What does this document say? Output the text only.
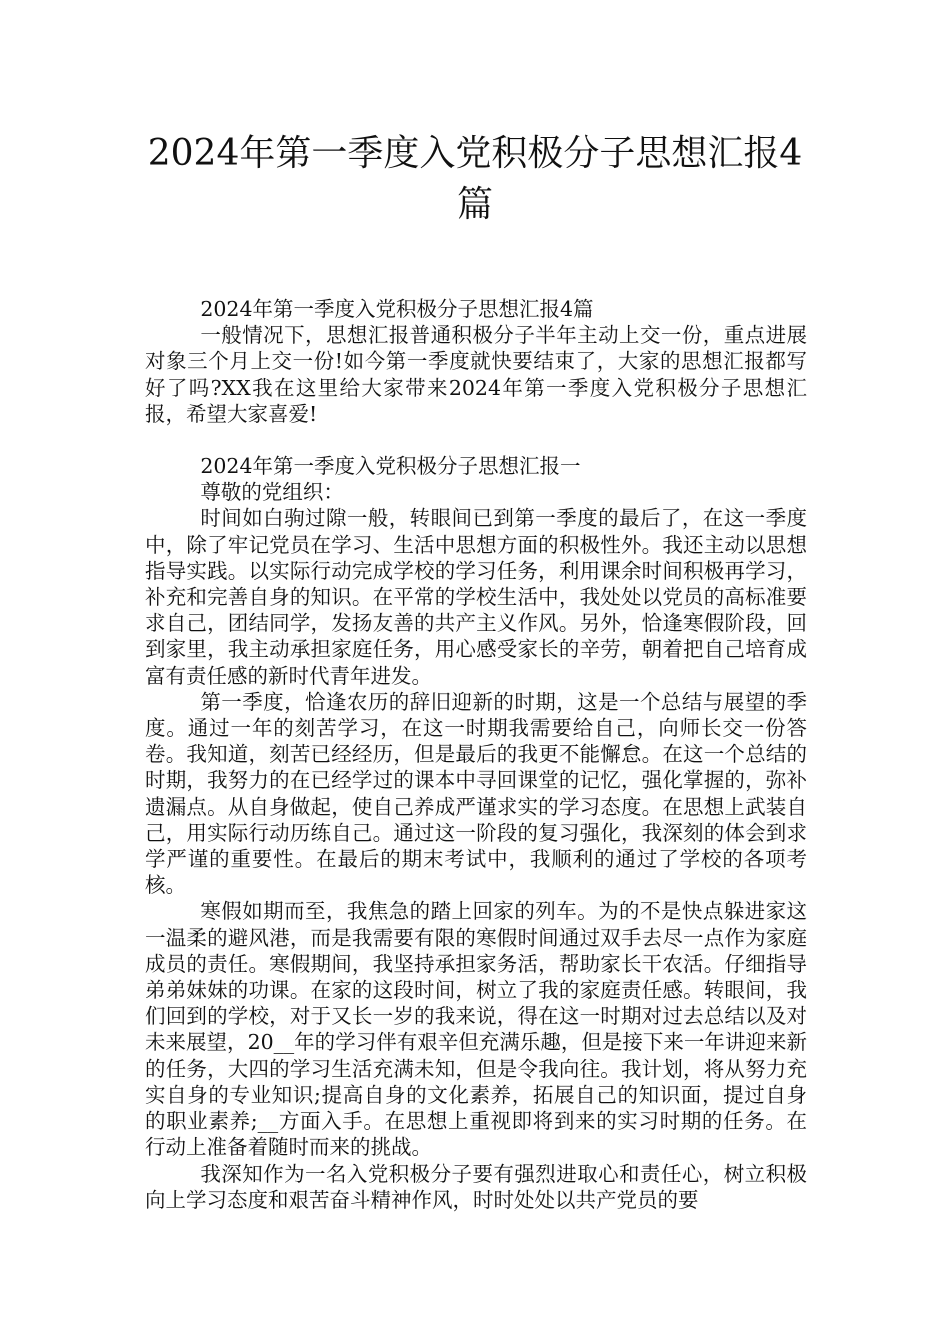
2024年第一季度入党积极分子思想汇报4篇

2024年第一季度入党积极分子思想汇报4篇

一般情况下，思想汇报普通积极分子半年主动上交一份，重点进展对象三个月上交一份!如今第一季度就快要结束了，大家的思想汇报都写好了吗?XX我在这里给大家带来2024年第一季度入党积极分子思想汇报，希望大家喜爱!

2024年第一季度入党积极分子思想汇报一

尊敬的党组织：

时间如白驹过隙一般，转眼间已到第一季度的最后了，在这一季度中，除了牢记党员在学习、生活中思想方面的积极性外。我还主动以思想指导实践。以实际行动完成学校的学习任务，利用课余时间积极再学习，补充和完善自身的知识。在平常的学校生活中，我处处以党员的高标准要求自己，团结同学，发扬友善的共产主义作风。另外，恰逢寒假阶段，回到家里，我主动承担家庭任务，用心感受家长的辛劳，朝着把自己培育成富有责任感的新时代青年进发。

第一季度，恰逢农历的辞旧迎新的时期，这是一个总结与展望的季度。通过一年的刻苦学习，在这一时期我需要给自己，向师长交一份答卷。我知道，刻苦已经经历，但是最后的我更不能懈怠。在这一个总结的时期，我努力的在已经学过的课本中寻回课堂的记忆，强化掌握的，弥补遗漏点。从自身做起，使自己养成严谨求实的学习态度。在思想上武装自己，用实际行动历练自己。通过这一阶段的复习强化，我深刻的体会到求学严谨的重要性。在最后的期末考试中，我顺利的通过了学校的各项考核。

寒假如期而至，我焦急的踏上回家的列车。为的不是快点躲进家这一温柔的避风港，而是我需要有限的寒假时间通过双手去尽一点作为家庭成员的责任。寒假期间，我坚持承担家务活，帮助家长干农活。仔细指导弟弟妹妹的功课。在家的这段时间，树立了我的家庭责任感。转眼间，我们回到的学校，对于又长一岁的我来说，得在这一时期对过去总结以及对未来展望，20__年的学习伴有艰辛但充满乐趣，但是接下来一年讲迎来新的任务，大四的学习生活充满未知，但是令我向往。我计划，将从努力充实自身的专业知识;提高自身的文化素养，拓展自己的知识面，提过自身的职业素养;__方面入手。在思想上重视即将到来的实习时期的任务。在行动上准备着随时而来的挑战。

我深知作为一名入党积极分子要有强烈进取心和责任心，树立积极向上学习态度和艰苦奋斗精神作风，时时处处以共产党员的要
